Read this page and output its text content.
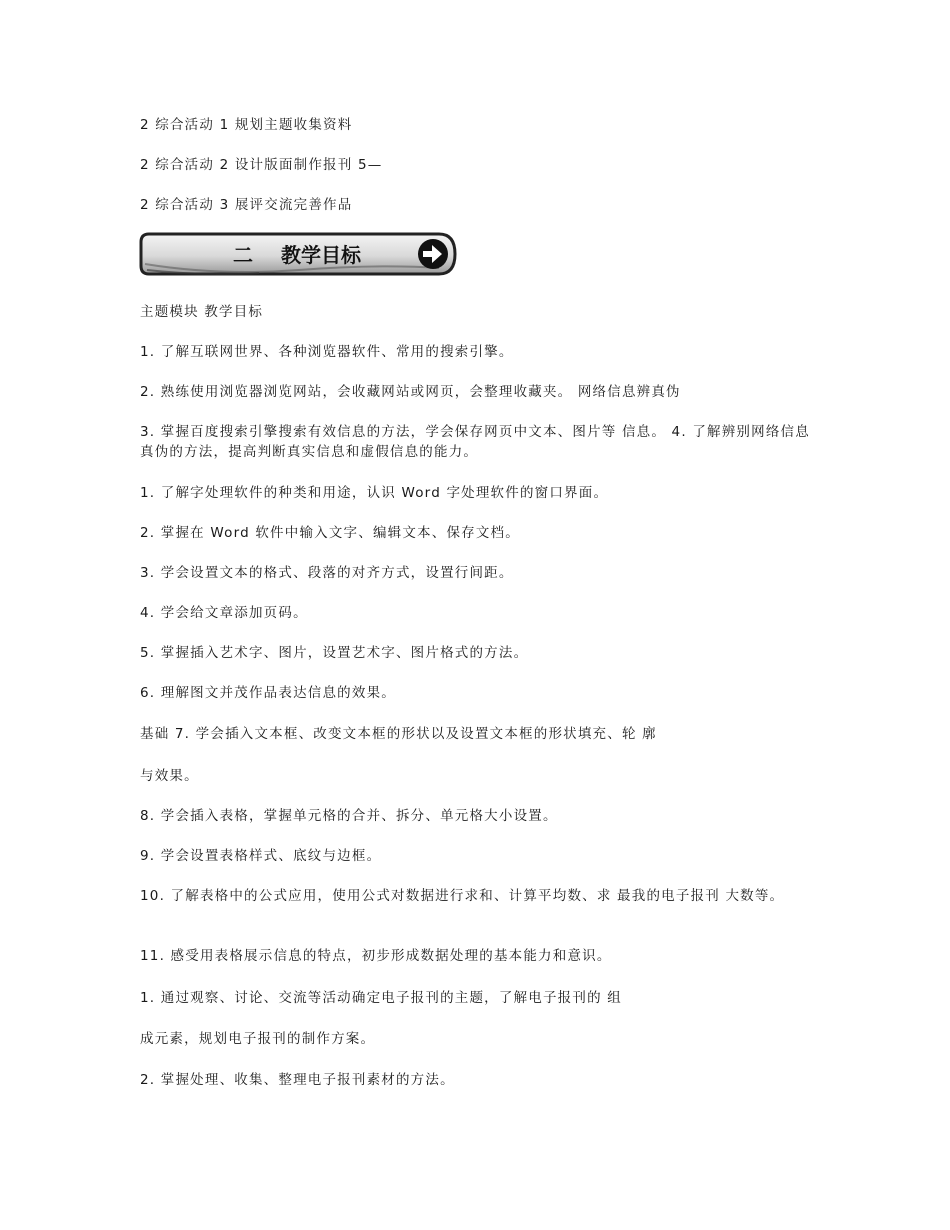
2 综合活动 1 规划主题收集资料
2 综合活动 2 设计版面制作报刊 5—
2 综合活动 3 展评交流完善作品
二 教学目标
主题模块 教学目标
1. 了解互联网世界、各种浏览器软件、常用的搜索引擎。
2. 熟练使用浏览器浏览网站，会收藏网站或网页，会整理收藏夹。 网络信息辨真伪
3. 掌握百度搜索引擎搜索有效信息的方法，学会保存网页中文本、图片等 信息。 4. 了解辨别网络信息真伪的方法，提高判断真实信息和虚假信息的能力。
1. 了解字处理软件的种类和用途，认识 Word 字处理软件的窗口界面。
2. 掌握在 Word 软件中输入文字、编辑文本、保存文档。
3. 学会设置文本的格式、段落的对齐方式，设置行间距。
4. 学会给文章添加页码。
5. 掌握插入艺术字、图片，设置艺术字、图片格式的方法。
6. 理解图文并茂作品表达信息的效果。
基础 7. 学会插入文本框、改变文本框的形状以及设置文本框的形状填充、轮 廓
与效果。
8. 学会插入表格，掌握单元格的合并、拆分、单元格大小设置。
9. 学会设置表格样式、底纹与边框。
10. 了解表格中的公式应用，使用公式对数据进行求和、计算平均数、求 最我的电子报刊 大数等。
11. 感受用表格展示信息的特点，初步形成数据处理的基本能力和意识。
1. 通过观察、讨论、交流等活动确定电子报刊的主题，了解电子报刊的 组
成元素，规划电子报刊的制作方案。
2. 掌握处理、收集、整理电子报刊素材的方法。
